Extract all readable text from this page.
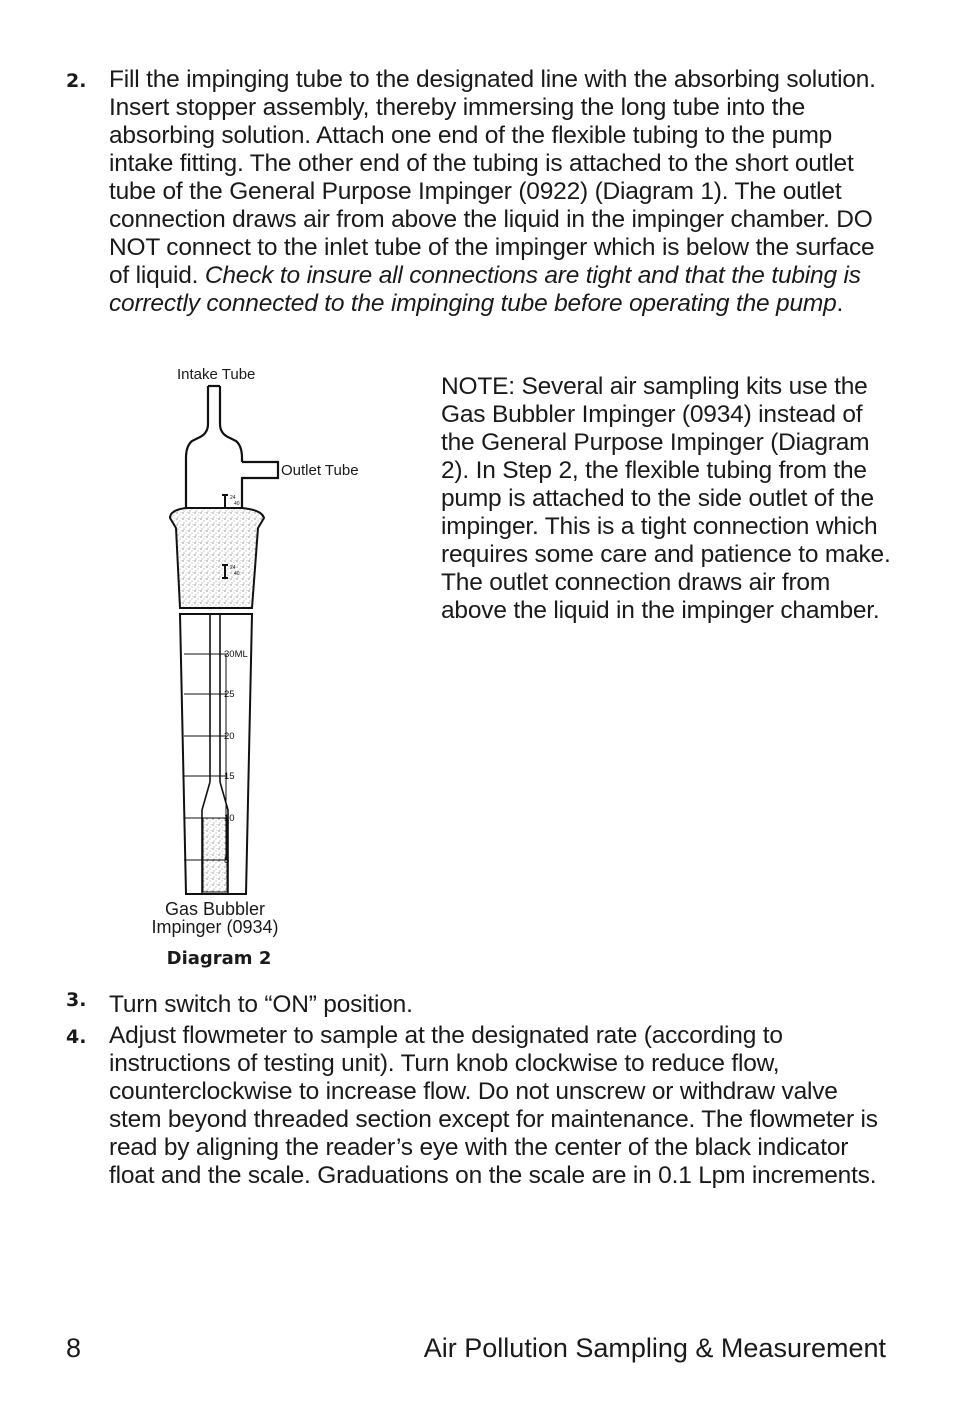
2. Fill the impinging tube to the designated line with the absorbing solution. Insert stopper assembly, thereby immersing the long tube into the absorbing solution. Attach one end of the flexible tubing to the pump intake fitting. The other end of the tubing is attached to the short outlet tube of the General Purpose Impinger (0922) (Diagram 1). The outlet connection draws air from above the liquid in the impinger chamber. DO NOT connect to the inlet tube of the impinger which is below the surface of liquid. Check to insure all connections are tight and that the tubing is correctly connected to the impinging tube before operating the pump.
30ML
25
20
15
10
5
24
40
24
40
Intake Tube
Outlet Tube
Gas Bubbler
Impinger (0934)
Diagram 2
NOTE: Several air sampling kits use the Gas Bubbler Impinger (0934) instead of the General Purpose Impinger (Diagram 2). In Step 2, the flexible tubing from the pump is attached to the side outlet of the impinger. This is a tight connection which requires some care and patience to make. The outlet connection draws air from above the liquid in the impinger chamber.
3. Turn switch to “ON” position.
4. Adjust flowmeter to sample at the designated rate (according to instructions of testing unit). Turn knob clockwise to reduce flow, counterclockwise to increase flow. Do not unscrew or withdraw valve stem beyond threaded section except for maintenance. The flowmeter is read by aligning the reader’s eye with the center of the black indicator float and the scale. Graduations on the scale are in 0.1 Lpm increments.
8	Air Pollution Sampling & Measurement
